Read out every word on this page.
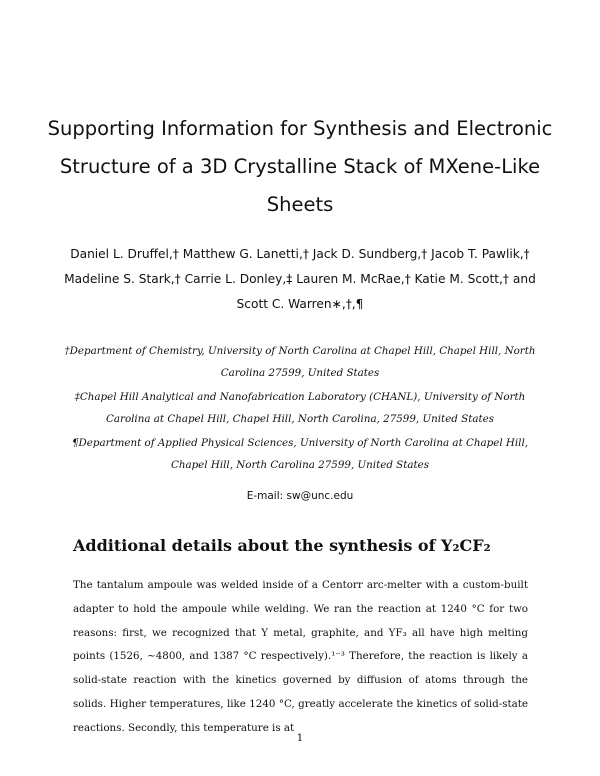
Supporting Information for Synthesis and Electronic Structure of a 3D Crystalline Stack of MXene-Like Sheets
Daniel L. Druffel,† Matthew G. Lanetti,† Jack D. Sundberg,† Jacob T. Pawlik,†
Madeline S. Stark,† Carrie L. Donley,‡ Lauren M. McRae,† Katie M. Scott,† and
Scott C. Warren∗,†,¶

†Department of Chemistry, University of North Carolina at Chapel Hill, Chapel Hill, North Carolina 27599, United States

‡Chapel Hill Analytical and Nanofabrication Laboratory (CHANL), University of North Carolina at Chapel Hill, Chapel Hill, North Carolina, 27599, United States

¶Department of Applied Physical Sciences, University of North Carolina at Chapel Hill, Chapel Hill, North Carolina 27599, United States

E-mail: sw@unc.edu
Additional details about the synthesis of Y₂CF₂

The tantalum ampoule was welded inside of a Centorr arc-melter with a custom-built adapter to hold the ampoule while welding. We ran the reaction at 1240 °C for two reasons: first, we recognized that Y metal, graphite, and YF₃ all have high melting points (1526, ∼4800, and 1387 °C respectively).¹⁻³ Therefore, the reaction is likely a solid-state reaction with the kinetics governed by diffusion of atoms through the solids. Higher temperatures, like 1240 °C, greatly accelerate the kinetics of solid-state reactions. Secondly, this temperature is at

1
